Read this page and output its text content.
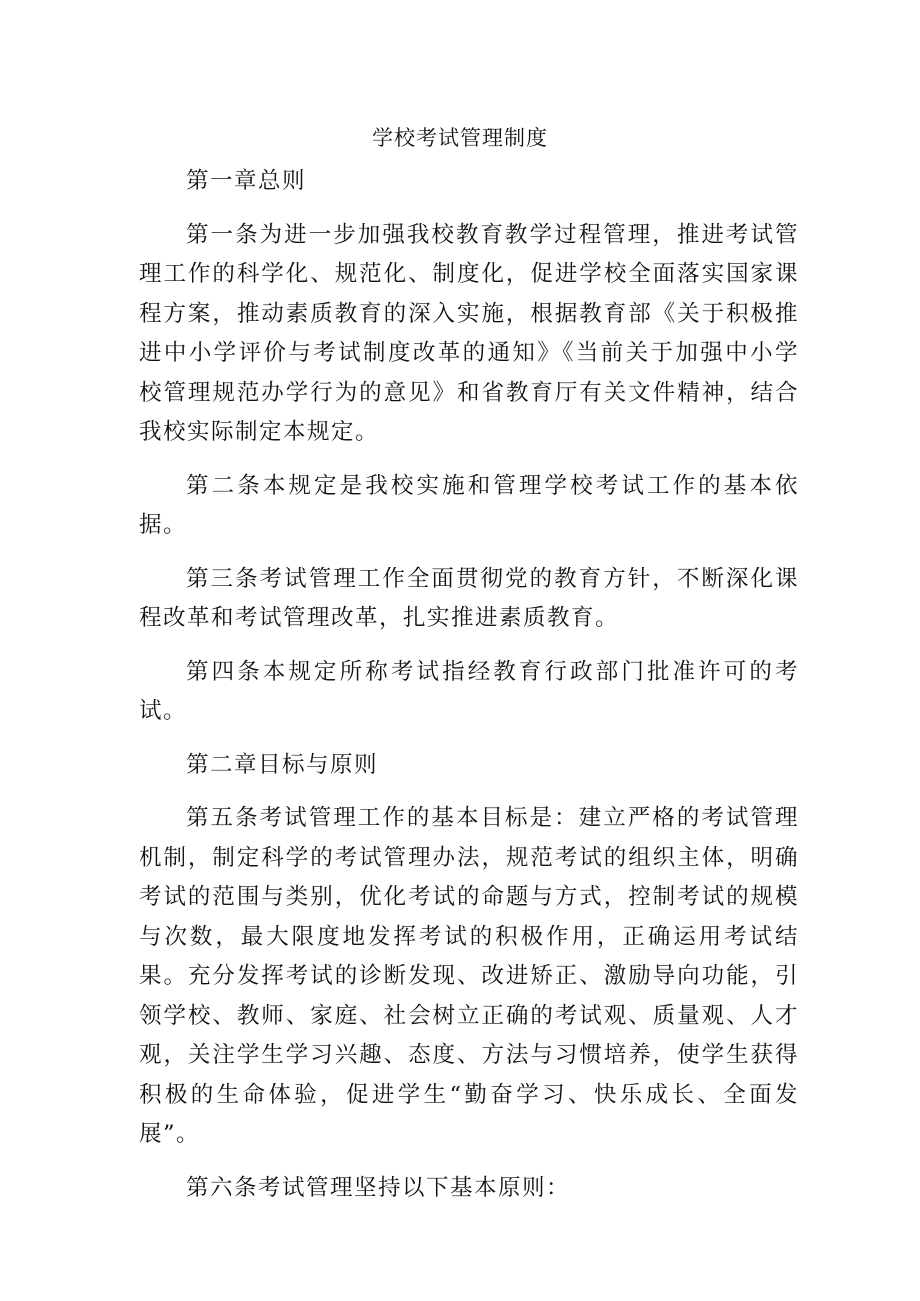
学校考试管理制度

第一章总则

第一条为进一步加强我校教育教学过程管理，推进考试管理工作的科学化、规范化、制度化，促进学校全面落实国家课程方案，推动素质教育的深入实施，根据教育部《关于积极推进中小学评价与考试制度改革的通知》《当前关于加强中小学校管理规范办学行为的意见》和省教育厅有关文件精神，结合我校实际制定本规定。

第二条本规定是我校实施和管理学校考试工作的基本依据。

第三条考试管理工作全面贯彻党的教育方针，不断深化课程改革和考试管理改革，扎实推进素质教育。

第四条本规定所称考试指经教育行政部门批准许可的考试。

第二章目标与原则

第五条考试管理工作的基本目标是：建立严格的考试管理机制，制定科学的考试管理办法，规范考试的组织主体，明确考试的范围与类别，优化考试的命题与方式，控制考试的规模与次数，最大限度地发挥考试的积极作用，正确运用考试结果。充分发挥考试的诊断发现、改进矫正、激励导向功能，引领学校、教师、家庭、社会树立正确的考试观、质量观、人才观，关注学生学习兴趣、态度、方法与习惯培养，使学生获得积极的生命体验，促进学生“勤奋学习、快乐成长、全面发展”。

第六条考试管理坚持以下基本原则：
